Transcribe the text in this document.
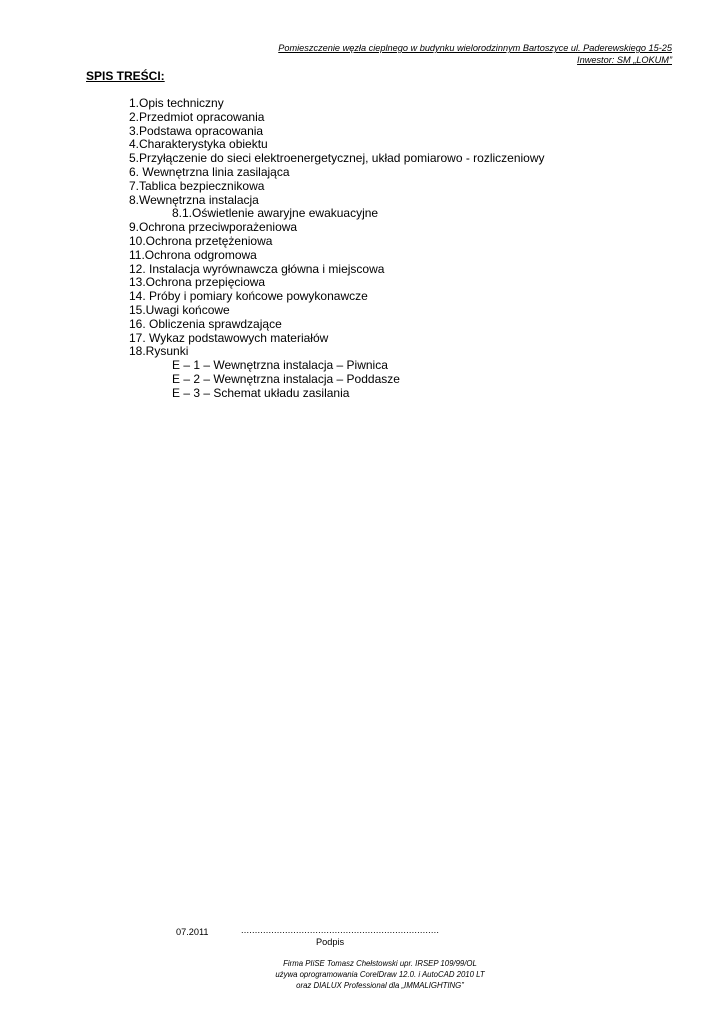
Pomieszczenie węzła cieplnego w budynku wielorodzinnym Bartoszyce ul. Paderewskiego 15-25
Inwestor: SM „LOKUM”
SPIS TREŚCI:
1.Opis techniczny
2.Przedmiot opracowania
3.Podstawa opracowania
4.Charakterystyka obiektu
5.Przyłączenie do sieci elektroenergetycznej, układ pomiarowo - rozliczeniowy
6. Wewnętrzna linia zasilająca
7.Tablica bezpiecznikowa
8.Wewnętrzna instalacja
8.1.Oświetlenie awaryjne ewakuacyjne
9.Ochrona przeciwporażeniowa
10.Ochrona przetężeniowa
11.Ochrona odgromowa
12. Instalacja wyrównawcza główna i miejscowa
13.Ochrona przepięciowa
14. Próby i pomiary końcowe powykonawcze
15.Uwagi końcowe
16. Obliczenia sprawdzające
17. Wykaz podstawowych materiałów
18.Rysunki
E – 1 – Wewnętrzna instalacja – Piwnica
E – 2 – Wewnętrzna instalacja – Poddasze
E – 3 – Schemat układu zasilania
07.2011	........................................................................
Podpis
Firma PIiSE Tomasz Chełstowski upr. IRSEP 109/99/OL
używa oprogramowania CorelDraw 12.0. i AutoCAD 2010 LT
oraz DIALUX Professional dla „IMMALIGHTING”
